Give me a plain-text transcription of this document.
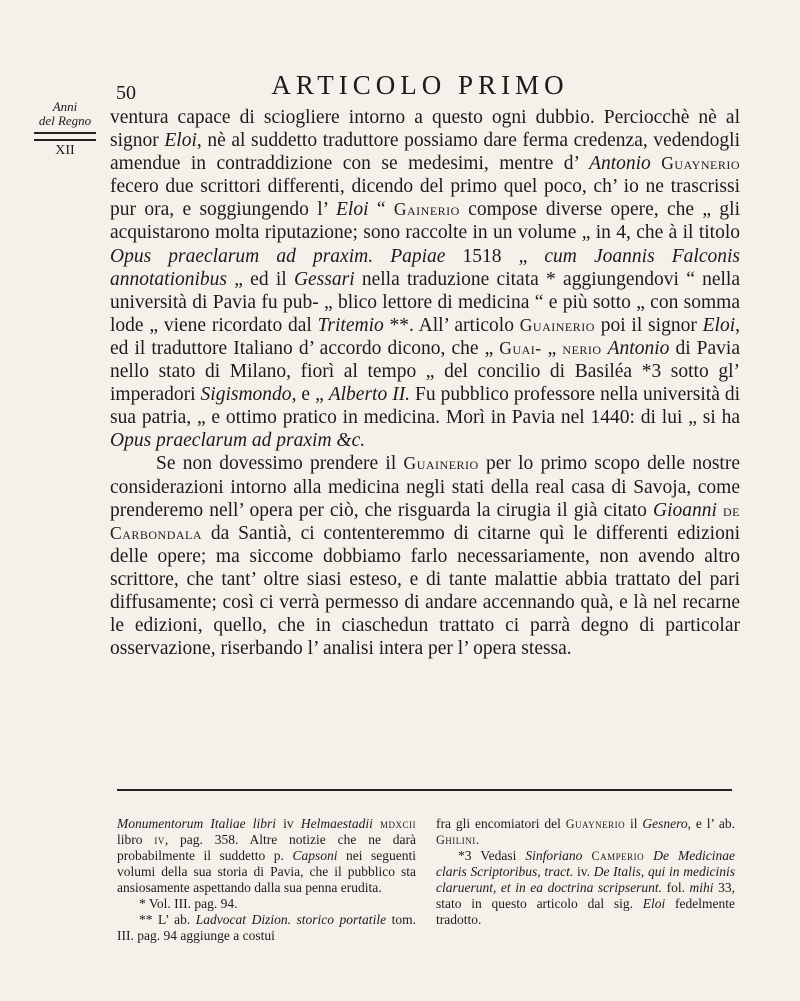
Anni
del Regno
XII
50	ARTICOLO PRIMO

ventura capace di sciogliere intorno a questo ogni dubbio. Perciocchè nè al signor Eloi, nè al suddetto traduttore possiamo dare ferma credenza, vedendogli amendue in contraddizione con se medesimi, mentre d’ Antonio Guaynerio fecero due scrittori differenti, dicendo del primo quel poco, ch’ io ne trascrissi pur ora, e soggiungendo l’ Eloi “ Gainerio compose diverse opere, che „ gli acquistarono molta riputazione; sono raccolte in un volume „ in 4, che à il titolo Opus praeclarum ad praxim. Papiae 1518 „ cum Joannis Falconis annotationibus „ ed il Gessari nella traduzione citata * aggiungendovi “ nella università di Pavia fu pub- „ blico lettore di medicina “ e più sotto „ con somma lode „ viene ricordato dal Tritemio **. All’ articolo Guainerio poi il signor Eloi, ed il traduttore Italiano d’ accordo dicono, che „ Guai- „ nerio Antonio di Pavia nello stato di Milano, fiorì al tempo „ del concilio di Basiléa *3 sotto gl’ imperadori Sigismondo, e „ Alberto II. Fu pubblico professore nella università di sua patria, „ e ottimo pratico in medicina. Morì in Pavia nel 1440: di lui „ si ha Opus praeclarum ad praxim &c.

Se non dovessimo prendere il Guainerio per lo primo scopo delle nostre considerazioni intorno alla medicina negli stati della real casa di Savoja, come prenderemo nell’ opera per ciò, che risguarda la cirugia il già citato Gioanni de Carbondala da Santià, ci contenteremmo di citarne quì le differenti edizioni delle opere; ma siccome dobbiamo farlo necessariamente, non avendo altro scrittore, che tant’ oltre siasi esteso, e di tante malattie abbia trattato del pari diffusamente; così ci verrà permesso di andare accennando quà, e là nel recarne le edizioni, quello, che in ciaschedun trattato ci parrà degno di particolar osservazione, riserbando l’ analisi intera per l’ opera stessa.

Monumentorum Italiae libri iv Helmaestadii mdxcii libro iv, pag. 358. Altre notizie che ne darà probabilmente il suddetto p. Capsoni nei seguenti volumi della sua storia di Pavia, che il pubblico sta ansiosamente aspettando dalla sua penna erudita.

* Vol. III. pag. 94.

** L’ ab. Ladvocat Dizion. storico portatile tom. III. pag. 94 aggiunge a costui

fra gli encomiatori del Guaynerio il Gesnero, e l’ ab. Ghilini.

*3 Vedasi Sinforiano Camperio De Medicinae claris Scriptoribus, tract. iv. De Italis, qui in medicinis claruerunt, et in ea doctrina scripserunt. fol. mihi 33, stato in questo articolo dal sig. Eloi fedelmente tradotto.
